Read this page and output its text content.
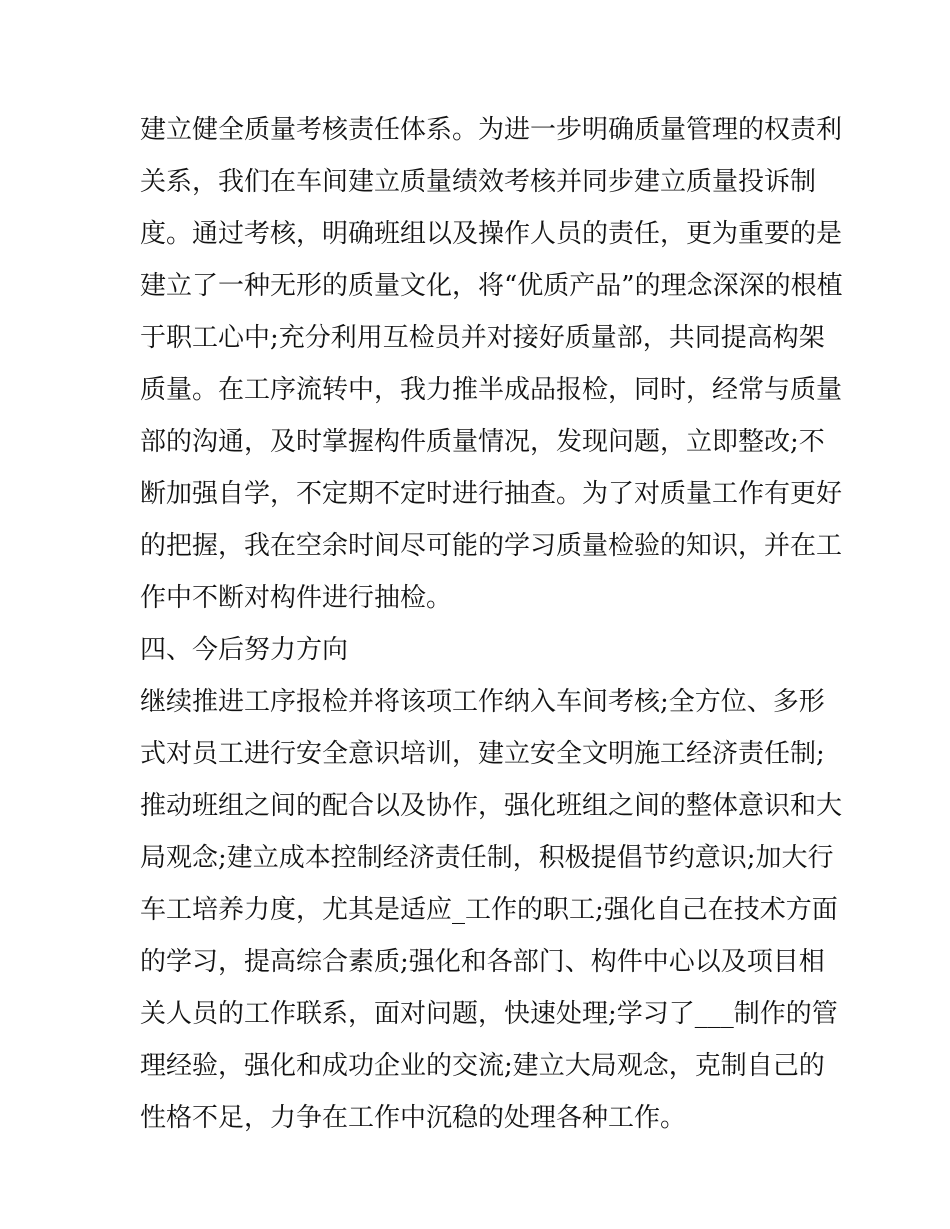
建立健全质量考核责任体系。为进一步明确质量管理的权责利
关系，我们在车间建立质量绩效考核并同步建立质量投诉制
度。通过考核，明确班组以及操作人员的责任，更为重要的是
建立了一种无形的质量文化，将“优质产品”的理念深深的根植
于职工心中;充分利用互检员并对接好质量部，共同提高构架
质量。在工序流转中，我力推半成品报检，同时，经常与质量
部的沟通，及时掌握构件质量情况，发现问题，立即整改;不
断加强自学，不定期不定时进行抽查。为了对质量工作有更好
的把握，我在空余时间尽可能的学习质量检验的知识，并在工
作中不断对构件进行抽检。
四、今后努力方向
继续推进工序报检并将该项工作纳入车间考核;全方位、多形
式对员工进行安全意识培训，建立安全文明施工经济责任制;
推动班组之间的配合以及协作，强化班组之间的整体意识和大
局观念;建立成本控制经济责任制，积极提倡节约意识;加大行
车工培养力度，尤其是适应_工作的职工;强化自己在技术方面
的学习，提高综合素质;强化和各部门、构件中心以及项目相
关人员的工作联系，面对问题，快速处理;学习了___制作的管
理经验，强化和成功企业的交流;建立大局观念，克制自己的
性格不足，力争在工作中沉稳的处理各种工作。
